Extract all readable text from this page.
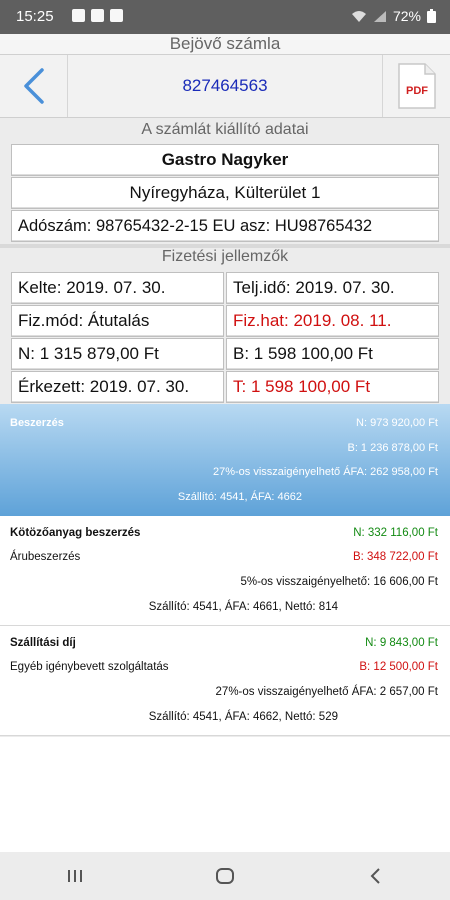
15:25	72%
Bejövő számla
827464563	PDF
A számlát kiállító adatai
Gastro Nagyker
Nyíregyháza, Külterület 1
Adószám: 98765432-2-15 EU asz: HU98765432
Fizetési jellemzők
Kelte: 2019. 07. 30.	Telj.idő: 2019. 07. 30.
Fiz.mód: Átutalás	Fiz.hat: 2019. 08. 11.
N: 1 315 879,00 Ft	B: 1 598 100,00 Ft
Érkezett: 2019. 07. 30.	T: 1 598 100,00 Ft
Beszerzés	N: 973 920,00 Ft
B: 1 236 878,00 Ft
27%-os visszaigényelhető ÁFA: 262 958,00 Ft
Szállító: 4541, ÁFA: 4662
Kötözőanyag beszerzés	N: 332 116,00 Ft
Árubeszerzés	B: 348 722,00 Ft
5%-os visszaigényelhető: 16 606,00 Ft
Szállító: 4541, ÁFA: 4661, Nettó: 814
Szállítási díj	N: 9 843,00 Ft
Egyéb igénybevett szolgáltatás	B: 12 500,00 Ft
27%-os visszaigényelhető ÁFA: 2 657,00 Ft
Szállító: 4541, ÁFA: 4662, Nettó: 529
